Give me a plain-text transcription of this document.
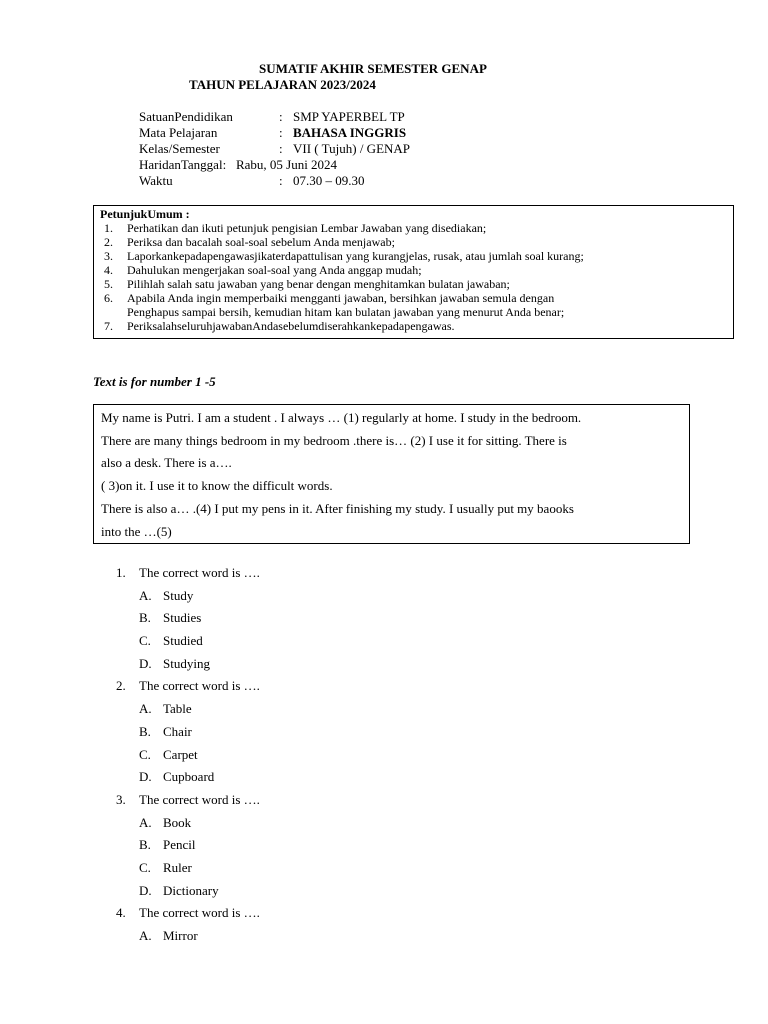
SUMATIF AKHIR SEMESTER GENAP
TAHUN PELAJARAN 2023/2024
SatuanPendidikan	: SMP YAPERBEL TP
Mata Pelajaran	: BAHASA INGGRIS
Kelas/Semester	: VII ( Tujuh) / GENAP
HaridanTanggal: Rabu, 05 Juni 2024
Waktu	: 07.30 – 09.30
PetunjukUmum :
1. Perhatikan dan ikuti petunjuk pengisian Lembar Jawaban yang disediakan;
2. Periksa dan bacalah soal-soal sebelum Anda menjawab;
3. Laporkankepadapengawasjikaterdapattulisan yang kurangjelas, rusak, atau jumlah soal kurang;
4. Dahulukan mengerjakan soal-soal yang Anda anggap mudah;
5. Pilihlah salah satu jawaban yang benar dengan menghitamkan bulatan jawaban;
6. Apabila Anda ingin memperbaiki mengganti jawaban, bersihkan jawaban semula dengan
Penghapus sampai bersih, kemudian hitam kan bulatan jawaban yang menurut Anda benar;
7. PeriksalahseluruhjawabanAndasebelumdiserahkankepadapengawas.
Text is for number 1 -5
My name is Putri. I am a student . I always … (1) regularly at home. I study in the bedroom.
There are many things bedroom in my bedroom .there is… (2) I use it for sitting. There is
also a desk. There is a….
( 3)on it. I use it to know the difficult words.
There is also a… .(4) I put my pens in it. After finishing my study. I usually put my baooks
into the …(5)
1. The correct word is ….
A. Study
B. Studies
C. Studied
D. Studying
2. The correct word is ….
A. Table
B. Chair
C. Carpet
D. Cupboard
3. The correct word is ….
A. Book
B. Pencil
C. Ruler
D. Dictionary
4. The correct word is ….
A. Mirror
